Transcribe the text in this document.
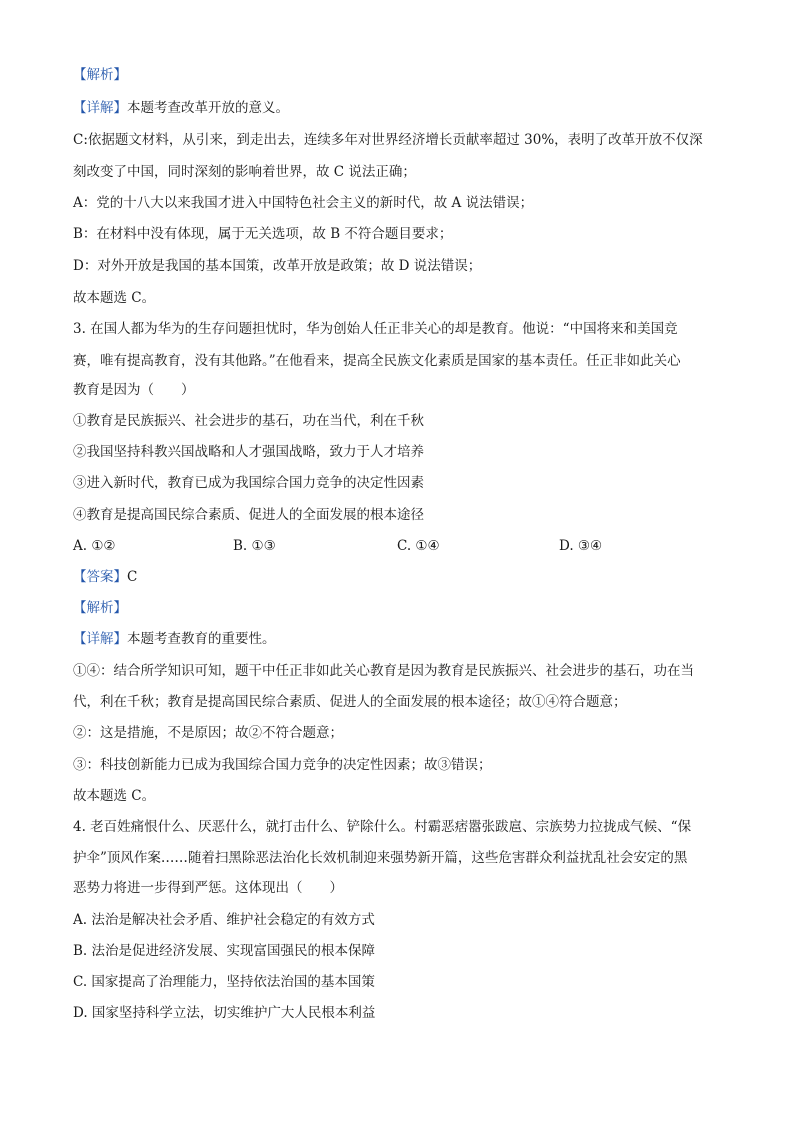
【解析】
【详解】本题考查改革开放的意义。
C:依据题文材料，从引来，到走出去，连续多年对世界经济增长贡献率超过 30%，表明了改革开放不仅深
刻改变了中国，同时深刻的影响着世界，故 C 说法正确；
A：党的十八大以来我国才进入中国特色社会主义的新时代，故 A 说法错误；
B：在材料中没有体现，属于无关选项，故 B 不符合题目要求；
D：对外开放是我国的基本国策，改革开放是政策；故 D 说法错误；
故本题选 C。
3. 在国人都为华为的生存问题担忧时，华为创始人任正非关心的却是教育。他说：“中国将来和美国竞
赛，唯有提高教育，没有其他路。”在他看来，提高全民族文化素质是国家的基本责任。任正非如此关心
教育是因为（　　）
①教育是民族振兴、社会进步的基石，功在当代，利在千秋
②我国坚持科教兴国战略和人才强国战略，致力于人才培养
③进入新时代，教育已成为我国综合国力竞争的决定性因素
④教育是提高国民综合素质、促进人的全面发展的根本途径
A. ①②	B. ①③	C. ①④	D. ③④
【答案】C
【解析】
【详解】本题考查教育的重要性。
①④：结合所学知识可知，题干中任正非如此关心教育是因为教育是民族振兴、社会进步的基石，功在当
代，利在千秋；教育是提高国民综合素质、促进人的全面发展的根本途径；故①④符合题意；
②：这是措施，不是原因；故②不符合题意；
③：科技创新能力已成为我国综合国力竞争的决定性因素；故③错误；
故本题选 C。
4. 老百姓痛恨什么、厌恶什么，就打击什么、铲除什么。村霸恶痞嚣张跋扈、宗族势力拉拢成气候、“保
护伞”顶风作案……随着扫黑除恶法治化长效机制迎来强势新开篇，这些危害群众利益扰乱社会安定的黑
恶势力将进一步得到严惩。这体现出（　　）
A. 法治是解决社会矛盾、维护社会稳定的有效方式
B. 法治是促进经济发展、实现富国强民的根本保障
C. 国家提高了治理能力，坚持依法治国的基本国策
D. 国家坚持科学立法，切实维护广大人民根本利益
